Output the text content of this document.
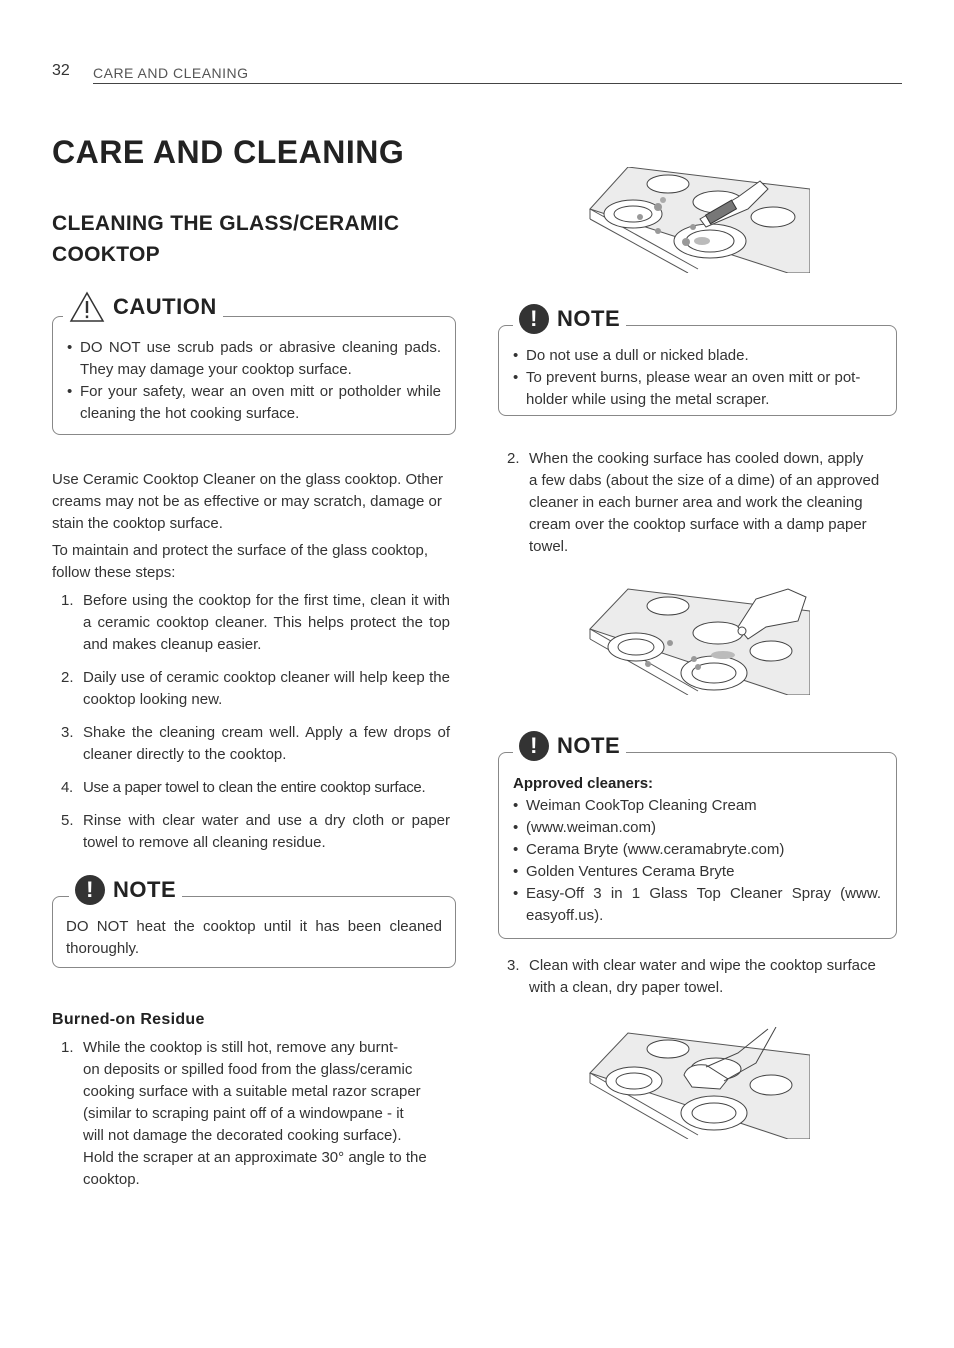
32 CARE AND CLEANING
CARE AND CLEANING
CLEANING THE GLASS/CERAMIC
COOKTOP
CAUTION
• DO NOT use scrub pads or abrasive cleaning pads. They may damage your cooktop surface.
• For your safety, wear an oven mitt or potholder while cleaning the hot cooking surface.
Use Ceramic Cooktop Cleaner on the glass cooktop. Other creams may not be as effective or may scratch, damage or stain the cooktop surface.
To maintain and protect the surface of the glass cooktop, follow these steps:
1. Before using the cooktop for the first time, clean it with a ceramic cooktop cleaner. This helps protect the top and makes cleanup easier.
2. Daily use of ceramic cooktop cleaner will help keep the cooktop looking new.
3. Shake the cleaning cream well. Apply a few drops of cleaner directly to the cooktop.
4. Use a paper towel to clean the entire cooktop surface.
5. Rinse with clear water and use a dry cloth or paper towel to remove all cleaning residue.
! NOTE
DO NOT heat the cooktop until it has been cleaned thoroughly.
Burned-on Residue
1. While the cooktop is still hot, remove any burnt-
on deposits or spilled food from the glass/ceramic
cooking surface with a suitable metal razor scraper
(similar to scraping paint off of a windowpane - it
will not damage the decorated cooking surface).
Hold the scraper at an approximate 30° angle to the
cooktop.
! NOTE
• Do not use a dull or nicked blade.
• To prevent burns, please wear an oven mitt or pot-holder while using the metal scraper.
2. When the cooking surface has cooled down, apply
a few dabs (about the size of a dime) of an approved
cleaner in each burner area and work the cleaning
cream over the cooktop surface with a damp paper
towel.
! NOTE
Approved cleaners:
• Weiman CookTop Cleaning Cream
• (www.weiman.com)
• Cerama Bryte (www.ceramabryte.com)
• Golden Ventures Cerama Bryte
• Easy-Off 3 in 1 Glass Top Cleaner Spray (www. easyoff.us).
3. Clean with clear water and wipe the cooktop surface with a clean, dry paper towel.
